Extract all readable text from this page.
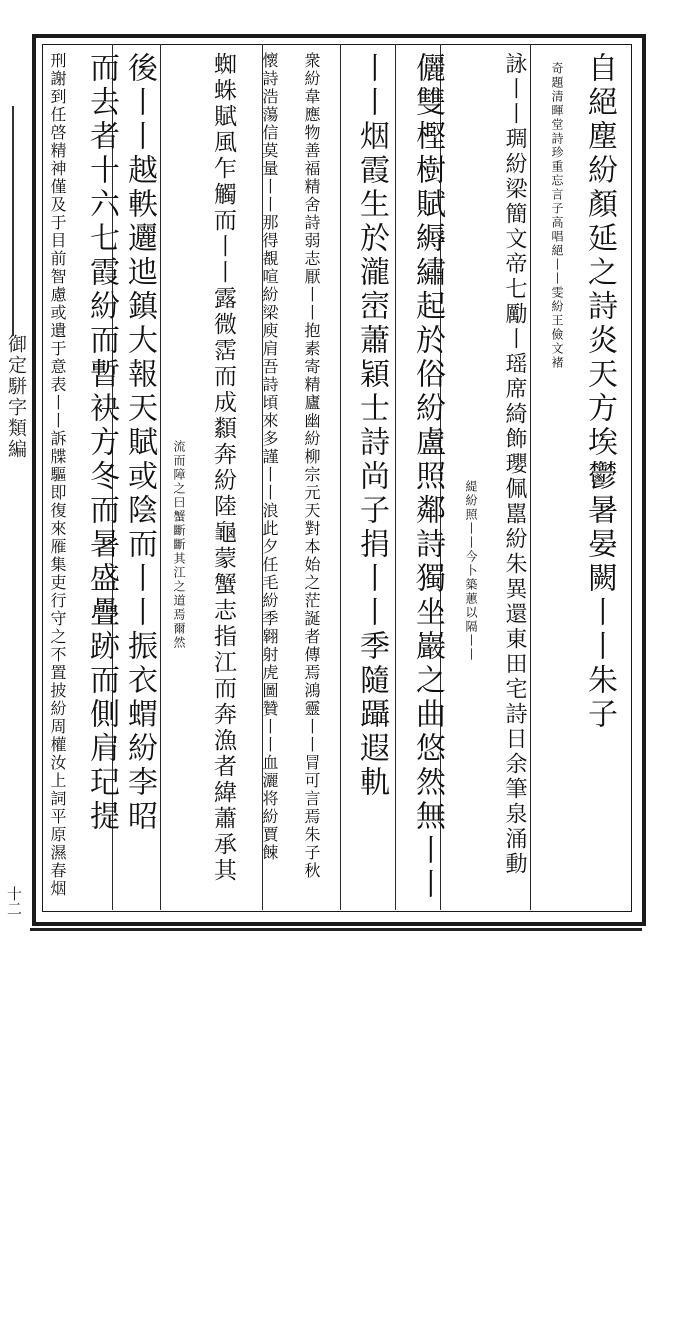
御定駢字類編
十二
自絕塵紛顏延之詩炎天方埃鬱暑晏闕丨丨朱子
奇題清暉堂詩珍重忘言子高唱絕丨丨雯紛王儉文褚
詠丨丨琱紛梁簡文帝七勵丨瑶席綺飾瓔佩嚚紛朱異還東田宅詩日余筆泉涌動
緹紛照丨丨今卜築蕙以隔丨丨
儷雙樫樹賦縟繡起於俗紛盧照鄰詩獨坐巖之曲悠然無丨丨
丨丨烟霞生於瀧崈蕭穎士詩尚子捐丨丨季隨躡遐軌
衆紛韋應物善福精舍詩弱志厭丨丨抱素寄精廬幽紛柳宗元天對本始之茫誕者傳焉鴻靈丨丨冐可言焉朱子秋
懷詩浩蕩信莫量丨丨那得覩喧紛梁庾肩吾詩頃來多謹丨丨浪此夕任毛紛季翱射虎圖贊丨丨血灑将紛賈餗
蜘蛛賦風乍觸而丨丨露微霑而成纇奔紛陸龜蒙蟹志指江而奔漁者緯蕭承其
流而障之曰蟹斷斷其江之道焉爾然
後丨丨越軼邐迆鎮大報天賦或陰而丨丨振衣蝟紛李昭
而去者十六七霞紛而暫袂方冬而暑盛疊跡而側肩玘提
刑謝到任啓精神僅及于目前智慮或遺于意表丨丨訴牒驅即復來雁集吏行守之不置披紛周權汝上詞平原濕春烟
